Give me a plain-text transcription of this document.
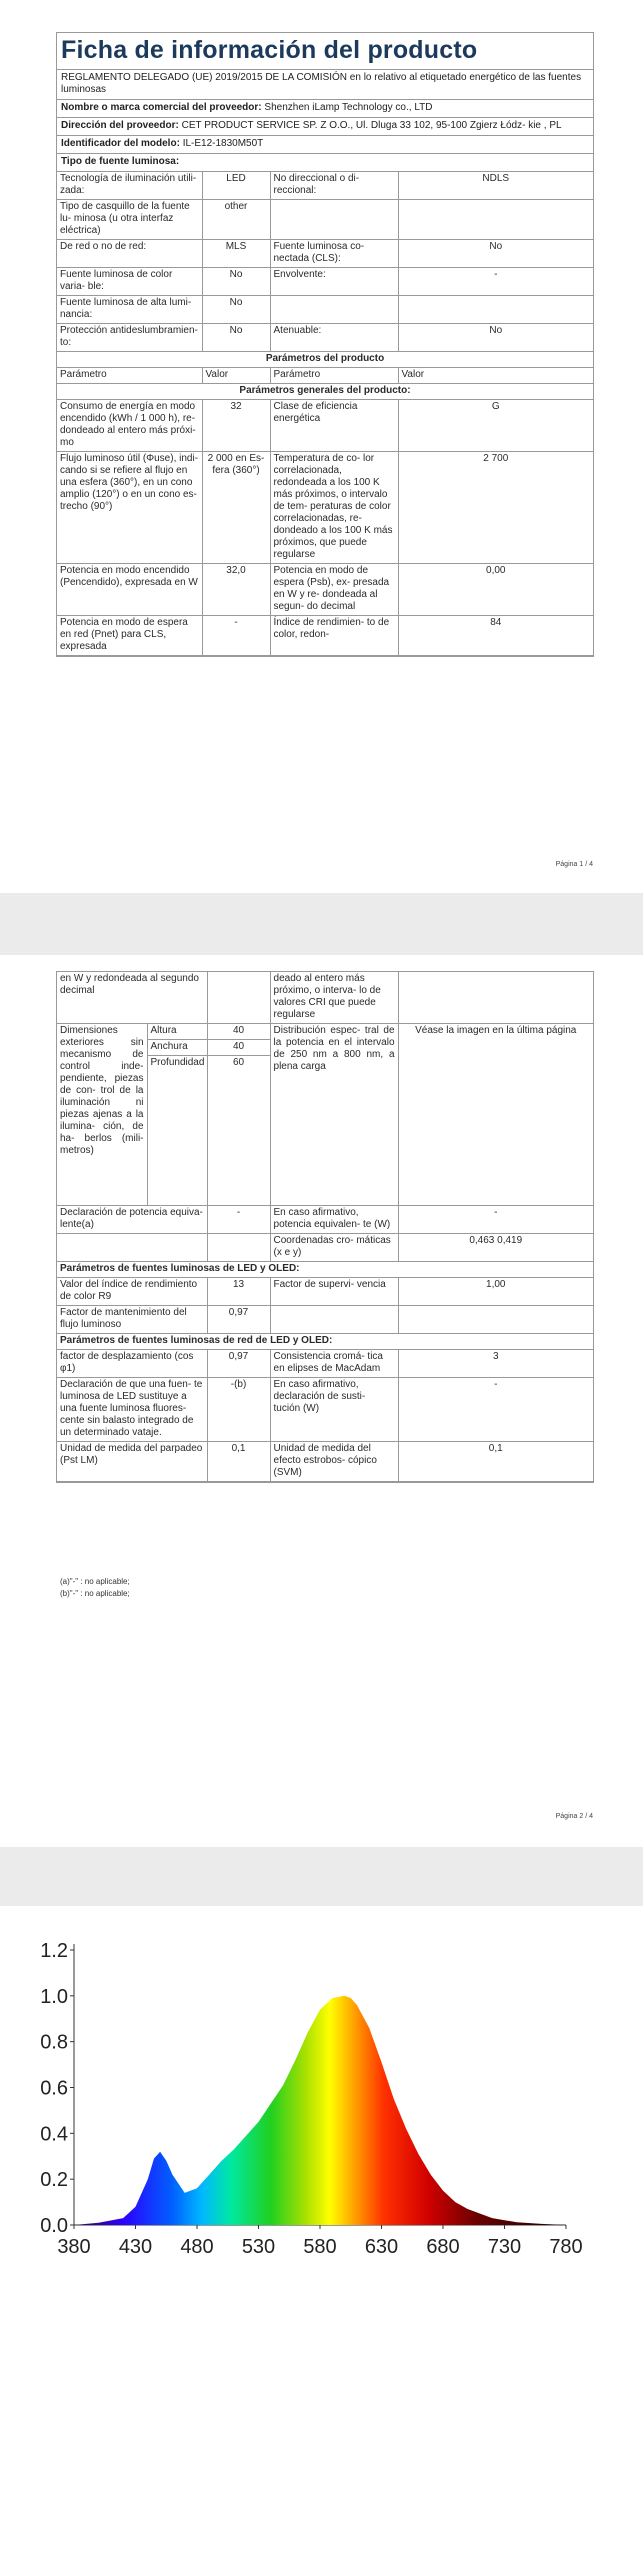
Ficha de información del producto
REGLAMENTO DELEGADO (UE) 2019/2015 DE LA COMISIÓN en lo relativo al etiquetado energético de las fuentes luminosas
Nombre o marca comercial del proveedor: Shenzhen iLamp Technology co., LTD
Dirección del proveedor: CET PRODUCT SERVICE SP. Z O.O., Ul. Dluga 33 102, 95-100 Zgierz Łódz- kie , PL
Identificador del modelo: IL-E12-1830M50T
Tipo de fuente luminosa:
Tecnología de iluminación utili- zada:	LED	No direccional o di- reccional:	NDLS
Tipo de casquillo de la fuente lu- minosa (u otra interfaz eléctrica)	other		
De red o no de red:	MLS	Fuente luminosa co- nectada (CLS):	No
Fuente luminosa de color varia- ble:	No	Envolvente:	-
Fuente luminosa de alta lumi- nancia:	No		
Protección antideslumbramien- to:	No	Atenuable:	No
Parámetros del producto			
Parámetro	Valor	Parámetro	Valor
Parámetros generales del producto:			
Consumo de energía en modo encendido (kWh / 1 000 h), re- dondeado al entero más próxi- mo	32	Clase de eficiencia energética	G
Flujo luminoso útil (Φuse), indi- cando si se refiere al flujo en una esfera (360°), en un cono amplio (120°) o en un cono es- trecho (90°)	2 000 en Es- fera (360°)	Temperatura de co- lor correlacionada, redondeada a los 100 K más próximos, o intervalo de tem- peraturas de color correlacionadas, re- dondeado a los 100 K más próximos, que puede regularse	2 700
Potencia en modo encendido (Pencendido), expresada en W	32,0	Potencia en modo de espera (Psb), ex- presada en W y re- dondeada al segun- do decimal	0,00
Potencia en modo de espera en red (Pnet) para CLS, expresada	-	Índice de rendimien- to de color, redon-	84
Página 1 / 4
en W y redondeada al segundo decimal			deado al entero más próximo, o interva- lo de valores CRI que puede regularse	
Dimensiones exteriores sin mecanismo de control inde- pendiente, piezas de con- trol de la iluminación ni piezas ajenas a la ilumina- ción, de ha- berlos (mili- metros)	Altura	40	Distribución espec- tral de la potencia en el intervalo de 250 nm a 800 nm, a plena carga	Véase la imagen en la última página
	Anchura	40		
	Profundidad	60		
Declaración de potencia equiva- lente(a)		-	En caso afirmativo, potencia equivalen- te (W)	-
			Coordenadas cro- máticas (x e y)	0,463 0,419
Parámetros de fuentes luminosas de LED y OLED:				
Valor del índice de rendimiento de color R9		13	Factor de supervi- vencia	1,00
Factor de mantenimiento del flujo luminoso		0,97		
Parámetros de fuentes luminosas de red de LED y OLED:				
factor de desplazamiento (cos φ1)		0,97	Consistencia cromá- tica en elipses de MacAdam	3
Declaración de que una fuen- te luminosa de LED sustituye a una fuente luminosa fluores- cente sin balasto integrado de un determinado vataje.		-(b)	En caso afirmativo, declaración de susti- tución (W)	-
Unidad de medida del parpadeo (Pst LM)		0,1	Unidad de medida del efecto estrobos- cópico (SVM)	0,1
(a)"-" : no aplicable;
(b)"-" : no aplicable;
Página 2 / 4
0.0
0.2
0.4
0.6
0.8
1.0
1.2
380 430 480 530 580 630 680 730 780
